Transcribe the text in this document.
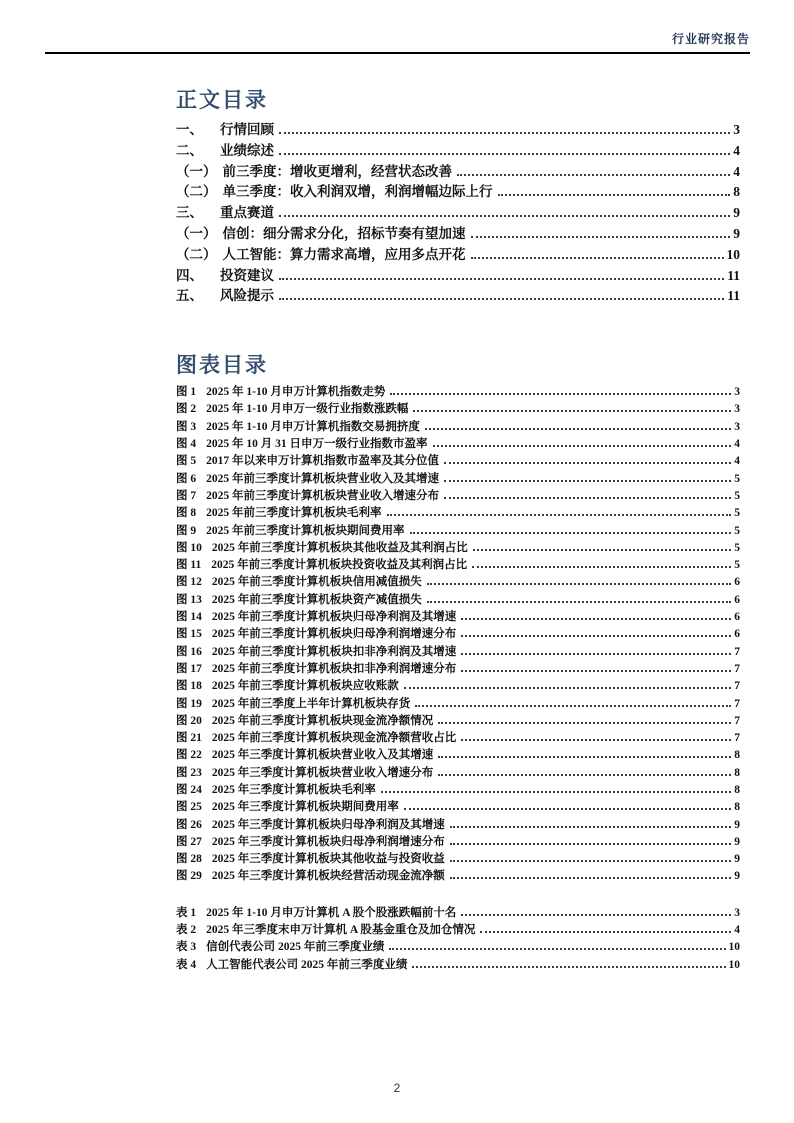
行业研究报告
正文目录
一、 行情回顾	3
二、 业绩综述	4
（一） 前三季度：增收更增利，经营状态改善	4
（二） 单三季度：收入利润双增，利润增幅边际上行	8
三、 重点赛道	9
（一） 信创：细分需求分化，招标节奏有望加速	9
（二） 人工智能：算力需求高增，应用多点开花	10
四、 投资建议	11
五、 风险提示	11
图表目录
图 1 2025 年 1-10 月申万计算机指数走势	3
图 2 2025 年 1-10 月申万一级行业指数涨跌幅	3
图 3 2025 年 1-10 月申万计算机指数交易拥挤度	3
图 4 2025 年 10 月 31 日申万一级行业指数市盈率	4
图 5 2017 年以来申万计算机指数市盈率及其分位值	4
图 6 2025 年前三季度计算机板块营业收入及其增速	5
图 7 2025 年前三季度计算机板块营业收入增速分布	5
图 8 2025 年前三季度计算机板块毛利率	5
图 9 2025 年前三季度计算机板块期间费用率	5
图 10 2025 年前三季度计算机板块其他收益及其利润占比	5
图 11 2025 年前三季度计算机板块投资收益及其利润占比	5
图 12 2025 年前三季度计算机板块信用减值损失	6
图 13 2025 年前三季度计算机板块资产减值损失	6
图 14 2025 年前三季度计算机板块归母净利润及其增速	6
图 15 2025 年前三季度计算机板块归母净利润增速分布	6
图 16 2025 年前三季度计算机板块扣非净利润及其增速	7
图 17 2025 年前三季度计算机板块扣非净利润增速分布	7
图 18 2025 年前三季度计算机板块应收账款	7
图 19 2025 年前三季度上半年计算机板块存货	7
图 20 2025 年前三季度计算机板块现金流净额情况	7
图 21 2025 年前三季度计算机板块现金流净额营收占比	7
图 22 2025 年三季度计算机板块营业收入及其增速	8
图 23 2025 年三季度计算机板块营业收入增速分布	8
图 24 2025 年三季度计算机板块毛利率	8
图 25 2025 年三季度计算机板块期间费用率	8
图 26 2025 年三季度计算机板块归母净利润及其增速	9
图 27 2025 年三季度计算机板块归母净利润增速分布	9
图 28 2025 年三季度计算机板块其他收益与投资收益	9
图 29 2025 年三季度计算机板块经营活动现金流净额	9
表 1 2025 年 1-10 月申万计算机 A 股个股涨跌幅前十名	3
表 2 2025 年三季度末申万计算机 A 股基金重仓及加仓情况	4
表 3 信创代表公司 2025 年前三季度业绩	10
表 4 人工智能代表公司 2025 年前三季度业绩	10
2
